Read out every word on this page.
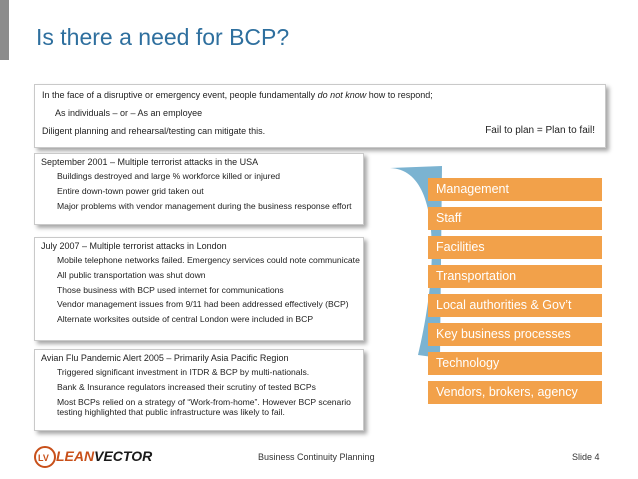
Is there a need for BCP?
In the face of a disruptive or emergency event, people fundamentally do not know how to respond;
As individuals – or – As an employee
Diligent planning and rehearsal/testing can mitigate this.	Fail to plan = Plan to fail!
September 2001 – Multiple terrorist attacks in the USA
Buildings destroyed and large % workforce killed or injured
Entire down-town power grid taken out
Major problems with vendor management during the business response effort
July 2007 – Multiple terrorist attacks in London
Mobile telephone networks failed. Emergency services could note communicate
All public transportation was shut down
Those business with BCP used internet for communications
Vendor management issues from 9/11 had been addressed effectively (BCP)
Alternate worksites outside of central London were included in BCP
Avian Flu Pandemic Alert 2005 – Primarily Asia Pacific Region
Triggered significant investment in ITDR & BCP by multi-nationals.
Bank & Insurance regulators increased their scrutiny of tested BCPs
Most BCPs relied on a strategy of “Work-from-home”. However BCP scenario testing highlighted that public infrastructure was likely to fail.
Communications
Management
Staff
Facilities
Transportation
Local authorities & Gov’t
Key business processes
Technology
Vendors, brokers, agency
LV LEANVECTOR	Business Continuity Planning	Slide 4
